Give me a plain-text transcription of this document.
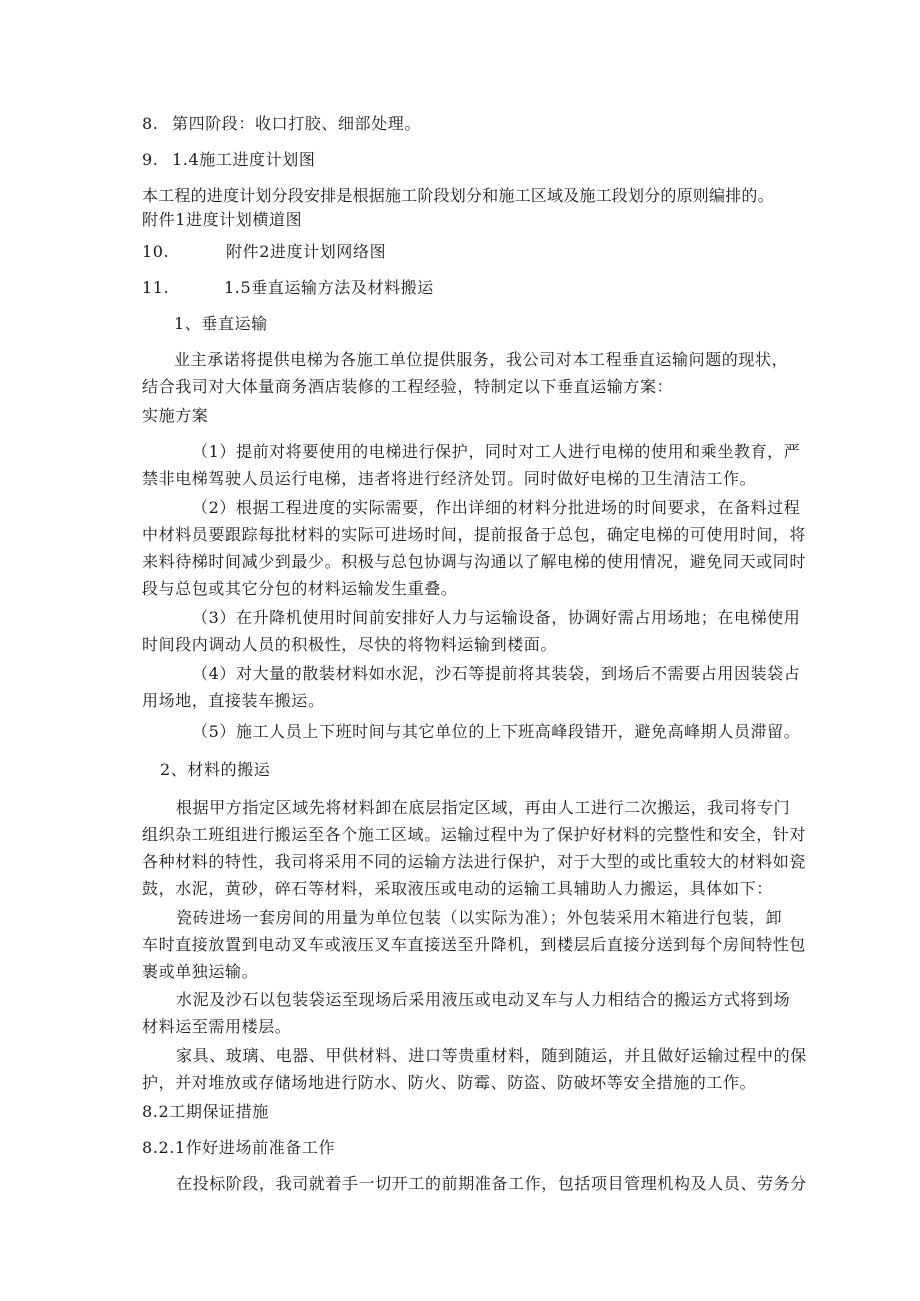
8. 第四阶段：收口打胶、细部处理。

9. 1.4施工进度计划图

本工程的进度计划分段安排是根据施工阶段划分和施工区域及施工段划分的原则编排的。
附件1进度计划横道图

10.	附件2进度计划网络图

11.	1.5垂直运输方法及材料搬运

1、垂直运输

业主承诺将提供电梯为各施工单位提供服务，我公司对本工程垂直运输问题的现状，
结合我司对大体量商务酒店装修的工程经验，特制定以下垂直运输方案：

实施方案

（1）提前对将要使用的电梯进行保护，同时对工人进行电梯的使用和乘坐教育，严
禁非电梯驾驶人员运行电梯，违者将进行经济处罚。同时做好电梯的卫生清洁工作。

（2）根据工程进度的实际需要，作出详细的材料分批进场的时间要求，在备料过程
中材料员要跟踪每批材料的实际可进场时间，提前报备于总包，确定电梯的可使用时间，将
来料待梯时间减少到最少。积极与总包协调与沟通以了解电梯的使用情况，避免同天或同时
段与总包或其它分包的材料运输发生重叠。

（3）在升降机使用时间前安排好人力与运输设备，协调好需占用场地；在电梯使用
时间段内调动人员的积极性，尽快的将物料运输到楼面。

（4）对大量的散装材料如水泥，沙石等提前将其装袋，到场后不需要占用因装袋占
用场地，直接装车搬运。

（5）施工人员上下班时间与其它单位的上下班高峰段错开，避免高峰期人员滞留。

2、材料的搬运

根据甲方指定区域先将材料卸在底层指定区域，再由人工进行二次搬运，我司将专门
组织杂工班组进行搬运至各个施工区域。运输过程中为了保护好材料的完整性和安全，针对
各种材料的特性，我司将采用不同的运输方法进行保护，对于大型的或比重较大的材料如瓷
鼓，水泥，黄砂，碎石等材料，采取液压或电动的运输工具辅助人力搬运，具体如下：

瓷砖进场一套房间的用量为单位包装（以实际为准）；外包装采用木箱进行包装，卸
车时直接放置到电动叉车或液压叉车直接送至升降机，到楼层后直接分送到每个房间特性包
裹或单独运输。

水泥及沙石以包装袋运至现场后采用液压或电动叉车与人力相结合的搬运方式将到场
材料运至需用楼层。

家具、玻璃、电器、甲供材料、进口等贵重材料，随到随运，并且做好运输过程中的保
护，并对堆放或存储场地进行防水、防火、防霉、防盗、防破坏等安全措施的工作。

8.2工期保证措施

8.2.1作好进场前准备工作

在投标阶段，我司就着手一切开工的前期准备工作，包括项目管理机构及人员、劳务分
